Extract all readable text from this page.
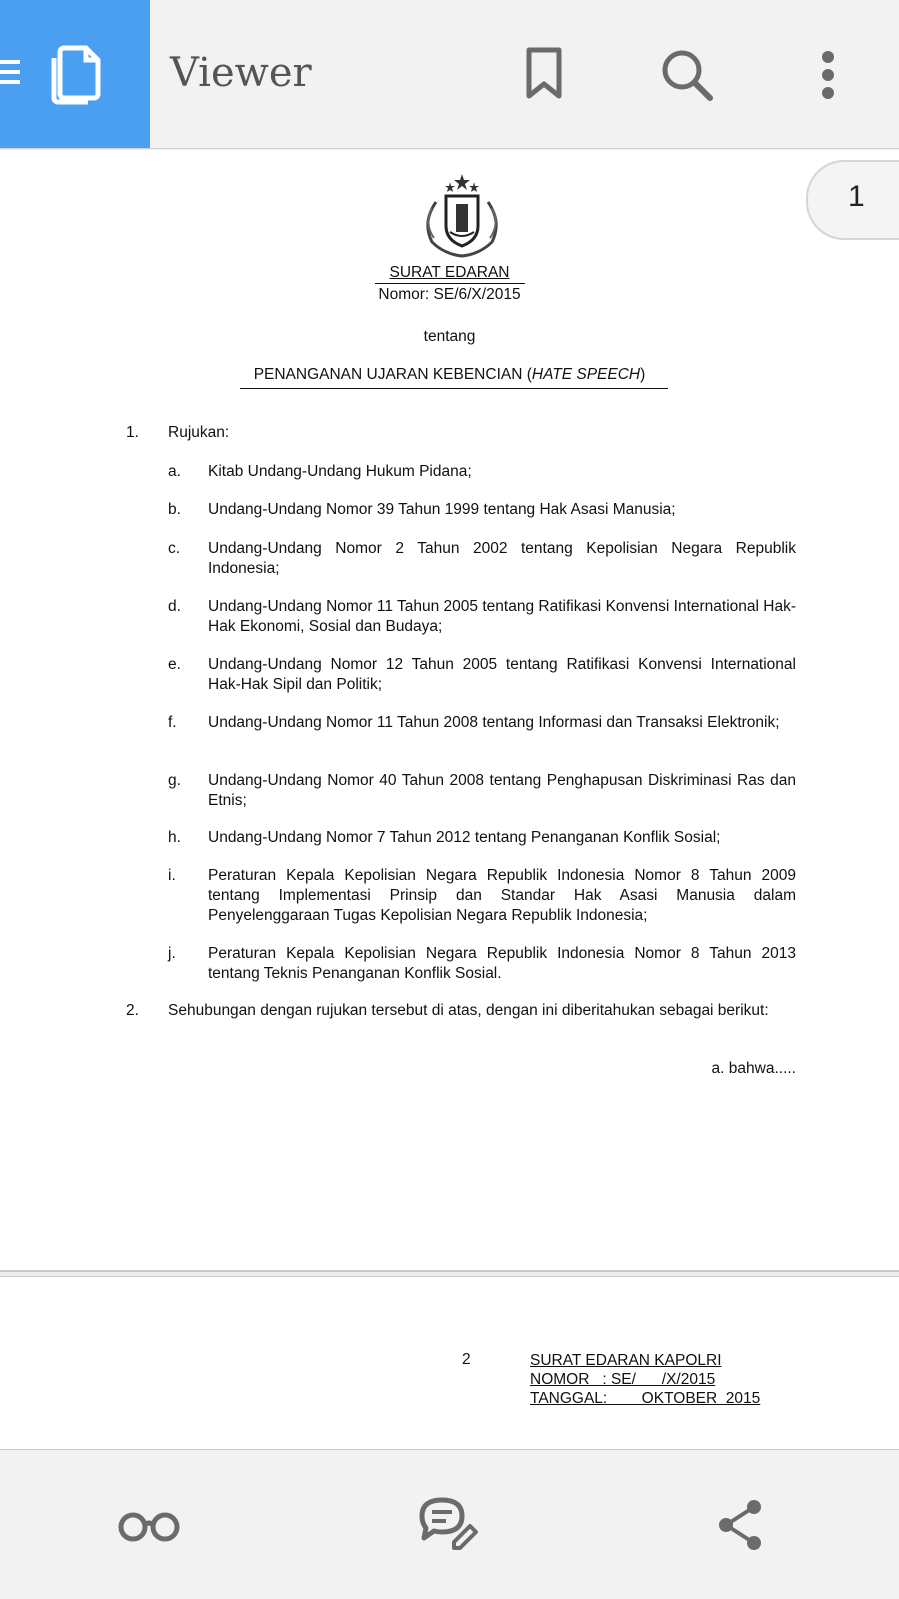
Viewer
SURAT EDARAN
Nomor: SE/6/X/2015
tentang
PENANGANAN UJARAN KEBENCIAN (HATE SPEECH)
1. Rujukan:
a. Kitab Undang-Undang Hukum Pidana;
b. Undang-Undang Nomor 39 Tahun 1999 tentang Hak Asasi Manusia;
c. Undang-Undang Nomor 2 Tahun 2002 tentang Kepolisian Negara Republik Indonesia;
d. Undang-Undang Nomor 11 Tahun 2005 tentang Ratifikasi Konvensi International Hak-Hak Ekonomi, Sosial dan Budaya;
e. Undang-Undang Nomor 12 Tahun 2005 tentang Ratifikasi Konvensi International Hak-Hak Sipil dan Politik;
f. Undang-Undang Nomor 11 Tahun 2008 tentang Informasi dan Transaksi Elektronik;
g. Undang-Undang Nomor 40 Tahun 2008 tentang Penghapusan Diskriminasi Ras dan Etnis;
h. Undang-Undang Nomor 7 Tahun 2012 tentang Penanganan Konflik Sosial;
i. Peraturan Kepala Kepolisian Negara Republik Indonesia Nomor 8 Tahun 2009 tentang Implementasi Prinsip dan Standar Hak Asasi Manusia dalam Penyelenggaraan Tugas Kepolisian Negara Republik Indonesia;
j. Peraturan Kepala Kepolisian Negara Republik Indonesia Nomor 8 Tahun 2013 tentang Teknis Penanganan Konflik Sosial.
2. Sehubungan dengan rujukan tersebut di atas, dengan ini diberitahukan sebagai berikut:
a. bahwa.....
1
2	SURAT EDARAN KAPOLRI
NOMOR   : SE/      /X/2015
TANGGAL:        OKTOBER  2015
